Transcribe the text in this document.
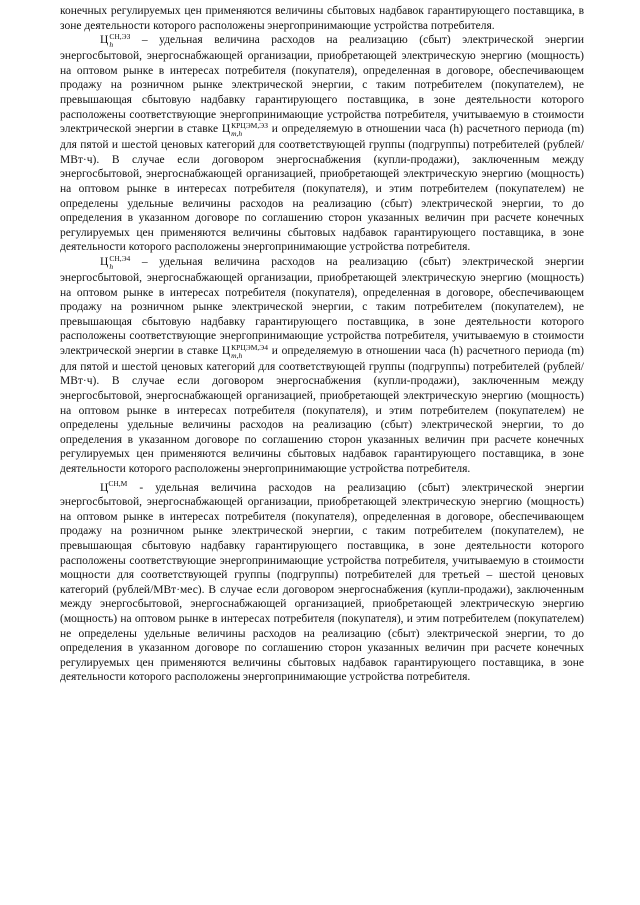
конечных регулируемых цен применяются величины сбытовых надбавок гарантирующего поставщика, в зоне деятельности которого расположены энергопринимающие устройства потребителя.

Ц СН,ЭЗ
h	– удельная величина расходов на реализацию (сбыт) электрической энергии энергосбытовой, энергоснабжающей организации, приобретающей электрическую энергию (мощность) на оптовом рынке в интересах потребителя (покупателя), определенная в договоре, обеспечивающем продажу на розничном рынке электрической энергии, с таким потребителем (покупателем), не превышающая сбытовую надбавку гарантирующего поставщика, в зоне деятельности которого расположены соответствующие энергопринимающие устройства потребителя, учитываемую в стоимости электрической энергии в ставке Ц КРЦЭМ,ЭЗ
m,h	и определяемую в отношении часа (h) расчетного периода (m) для пятой и шестой ценовых категорий для соответствующей группы (подгруппы) потребителей (рублей/МВт·ч). В случае если договором энергоснабжения (купли-продажи), заключенным между энергосбытовой, энергоснабжающей организацией, приобретающей электрическую энергию (мощность) на оптовом рынке в интересах потребителя (покупателя), и этим потребителем (покупателем) не определены удельные величины расходов на реализацию (сбыт) электрической энергии, то до определения в указанном договоре по соглашению сторон указанных величин при расчете конечных регулируемых цен применяются величины сбытовых надбавок гарантирующего поставщика, в зоне деятельности которого расположены энергопринимающие устройства потребителя.

Ц СН,Э4
h	– удельная величина расходов на реализацию (сбыт) электрической энергии энергосбытовой, энергоснабжающей организации, приобретающей электрическую энергию (мощность) на оптовом рынке в интересах потребителя (покупателя), определенная в договоре, обеспечивающем продажу на розничном рынке электрической энергии, с таким потребителем (покупателем), не превышающая сбытовую надбавку гарантирующего поставщика, в зоне деятельности которого расположены соответствующие энергопринимающие устройства потребителя, учитываемую в стоимости электрической энергии в ставке Ц КРЦЭМ,Э4
m,h	и определяемую в отношении часа (h) расчетного периода (m) для пятой и шестой ценовых категорий для соответствующей группы (подгруппы) потребителей (рублей/МВт·ч). В случае если договором энергоснабжения (купли-продажи), заключенным между энергосбытовой, энергоснабжающей организацией, приобретающей электрическую энергию (мощность) на оптовом рынке в интересах потребителя (покупателя), и этим потребителем (покупателем) не определены удельные величины расходов на реализацию (сбыт) электрической энергии, то до определения в указанном договоре по соглашению сторон указанных величин при расчете конечных регулируемых цен применяются величины сбытовых надбавок гарантирующего поставщика, в зоне деятельности которого расположены энергопринимающие устройства потребителя.

$Ц^{СН,М}$ - удельная величина расходов на реализацию (сбыт) электрической энергии энергосбытовой, энергоснабжающей организации, приобретающей электрическую энергию (мощность) на оптовом рынке в интересах потребителя (покупателя), определенная в договоре, обеспечивающем продажу на розничном рынке электрической энергии, с таким потребителем (покупателем), не превышающая сбытовую надбавку гарантирующего поставщика, в зоне деятельности которого расположены соответствующие энергопринимающие устройства потребителя, учитываемую в стоимости мощности для соответствующей группы (подгруппы) потребителей для третьей – шестой ценовых категорий (рублей/МВт·мес). В случае если договором энергоснабжения (купли-продажи), заключенным между энергосбытовой, энергоснабжающей организацией, приобретающей электрическую энергию (мощность) на оптовом рынке в интересах потребителя (покупателя), и этим потребителем (покупателем) не определены удельные величины расходов на реализацию (сбыт) электрической энергии, то до определения в указанном договоре по соглашению сторон указанных величин при расчете конечных регулируемых цен применяются величины сбытовых надбавок гарантирующего поставщика, в зоне деятельности которого расположены энергопринимающие устройства потребителя.
